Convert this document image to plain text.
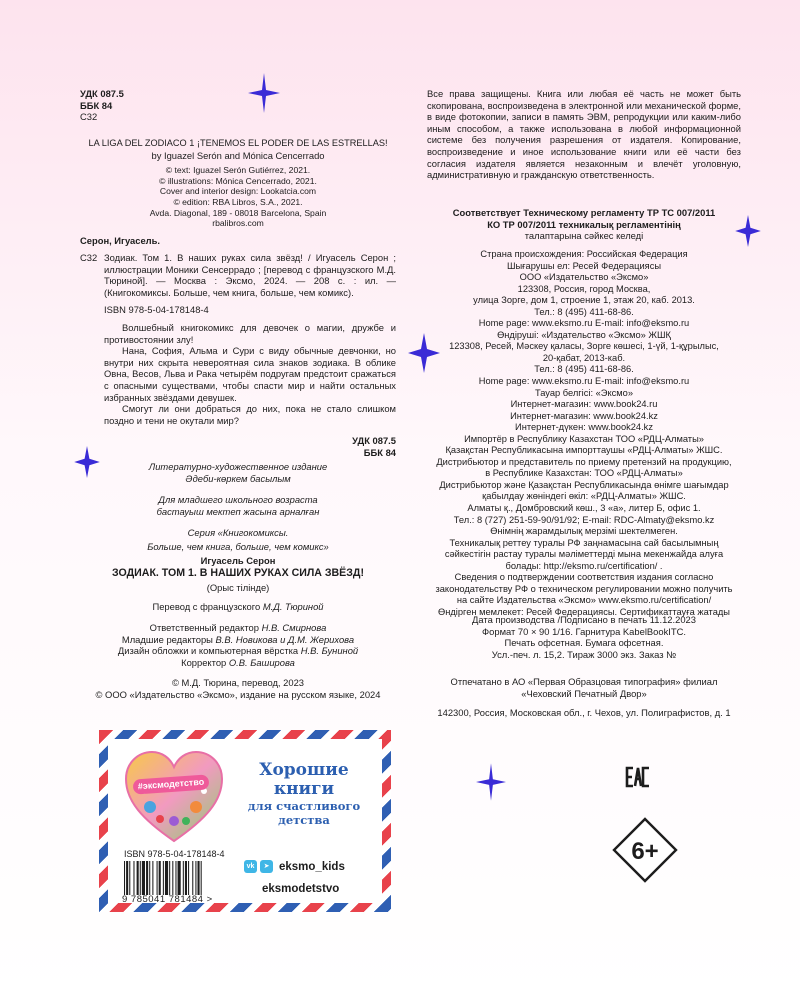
УДК 087.5
ББК 84
С32
LA LIGA DEL ZODIACO 1 ¡TENEMOS EL PODER DE LAS ESTRELLAS!
by Iguazel Serón and Mónica Cencerrado
© text: Iguazel Serón Gutiérrez, 2021.
© illustrations: Mónica Cencerrado, 2021.
Cover and interior design: Lookatcia.com
© edition: RBA Libros, S.A., 2021.
Avda. Diagonal, 189 - 08018 Barcelona, Spain
rbalibros.com
Серон, Игуасель.
С32 Зодиак. Том 1. В наших руках сила звёзд! / Игуасель Серон ; иллюстрации Моники Сенсеррадо ; [перевод с французского М.Д. Тюриной]. — Москва : Эксмо, 2024. — 208 с. : ил. — (Книгокомиксы. Больше, чем книга, больше, чем комикс).
ISBN 978-5-04-178148-4

Волшебный книгокомикс для девочек о магии, дружбе и противостоянии злу!

Нана, София, Альма и Сури с виду обычные девчонки, но внутри них скрыта невероятная сила знаков зодиака. В облике Овна, Весов, Льва и Рака четырём подругам предстоит сражаться с опасными существами, чтобы спасти мир и найти остальных избранных звёздами девушек.

Смогут ли они добраться до них, пока не стало слишком поздно и тени не окутали мир?

УДК 087.5
ББК 84
Литературно-художественное издание
Әдеби-көркем басылым
Для младшего школьного возраста
бастауыш мектеп жасына арналған
Серия «Книгокомиксы.
Больше, чем книга, больше, чем комикс»
Игуасель Серон
ЗОДИАК. ТОМ 1. В НАШИХ РУКАХ СИЛА ЗВЁЗД!
(Орыс тілінде)
Перевод с французского М.Д. Тюриной
Ответственный редактор Н.В. Смирнова
Младшие редакторы В.В. Новикова и Д.М. Жерихова
Дизайн обложки и компьютерная вёрстка Н.В. Буниной
Корректор О.В. Баширова
© М.Д. Тюрина, перевод, 2023
© ООО «Издательство «Эксмо», издание на русском языке, 2024
Все права защищены. Книга или любая её часть не может быть скопирована, воспроизведена в электронной или механической форме, в виде фотокопии, записи в память ЭВМ, репродукции или каким-либо иным способом, а также использована в любой информационной системе без получения разрешения от издателя. Копирование, воспроизведение и иное использование книги или её части без согласия издателя является незаконным и влечёт уголовную, административную и гражданскую ответственность.
Соответствует Техническому регламенту ТР ТС 007/2011
КО ТР 007/2011 техникалық регламентінің
талаптарына сәйкес келеді
Страна происхождения: Российская Федерация
Шығарушы ел: Ресей Федерациясы
ООО «Издательство «Эксмо»
123308, Россия, город Москва,
улица Зорге, дом 1, строение 1, этаж 20, каб. 2013.
Тел.: 8 (495) 411-68-86.
Home page: www.eksmo.ru E-mail: info@eksmo.ru
Өндіруші: «Издательство «Эксмо» ЖШҚ
123308, Ресей, Мәскеу қаласы, Зорге көшесі, 1-үй, 1-құрылыс,
20-қабат, 2013-каб.
Тел.: 8 (495) 411-68-86.
Home page: www.eksmo.ru E-mail: info@eksmo.ru
Тауар белгісі: «Эксмо»
Интернет-магазин: www.book24.ru
Интернет-магазин: www.book24.kz
Интернет-дүкен: www.book24.kz
Импортёр в Республику Казахстан ТОО «РДЦ-Алматы»
Қазақстан Республикасына импорттаушы «РДЦ-Алматы» ЖШС.
Дистрибьютор и представитель по приему претензий на продукцию,
в Республике Казахстан: ТОО «РДЦ-Алматы»
Дистрибьютор және Қазақстан Республикасында өнімге шағымдар
қабылдау жөніндегі өкіл: «РДЦ-Алматы» ЖШС.
Алматы қ., Домбровский көш., 3 «а», литер Б, офис 1.
Тел.: 8 (727) 251-59-90/91/92; E-mail: RDC-Almaty@eksmo.kz
Өнімнің жарамдылық мерзімі шектелмеген.
Техникалық реттеу туралы РФ заңнамасына сай басылымның
сәйкестігін растау туралы мәліметтерді мына мекенжайда алуға
болады: http://eksmo.ru/certification/ .
Сведения о подтверждении соответствия издания согласно
законодательству РФ о техническом регулировании можно получить
на сайте Издательства «Эксмо» www.eksmo.ru/certification/
Өндірген мемлекет: Ресей Федерациясы. Сертификаттауға жатады
Дата производства /Подписано в печать 11.12.2023
Формат 70 × 90 1/16. Гарнитура KabelBookITC.
Печать офсетная. Бумага офсетная.
Усл.-печ. л. 15,2. Тираж 3000 экз. Заказ №
Отпечатано в АО «Первая Образцовая типография» филиал
«Чеховский Печатный Двор»
142300, Россия, Московская обл., г. Чехов, ул. Полиграфистов, д. 1
#эксмодетство
Хорошие
книги
для счастливого
детства
ISBN 978-5-04-178148-4
9 785041 781484 >
vk	➤ eksmo_kids
eksmodetstvo
6+
